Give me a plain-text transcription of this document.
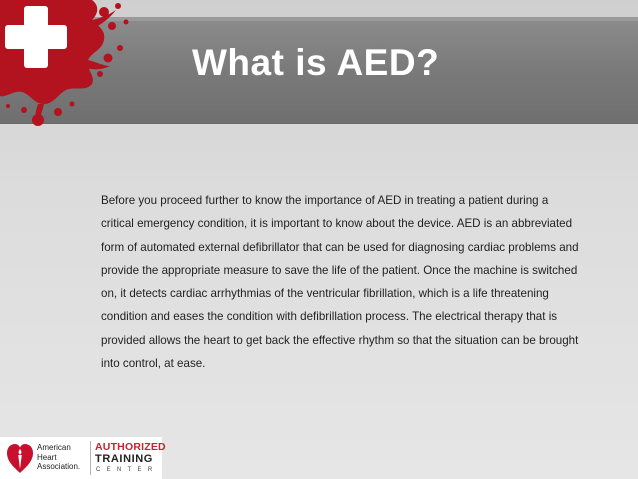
What is AED?

Before you proceed further to know the importance of AED in treating a patient during a critical emergency condition, it is important to know about the device. AED is an abbreviated form of automated external defibrillator that can be used for diagnosing cardiac problems and provide the appropriate measure to save the life of the patient. Once the machine is switched on, it detects cardiac arrhythmias of the ventricular fibrillation, which is a life threatening condition and eases the condition with defibrillation process. The electrical therapy that is provided allows the heart to get back the effective rhythm so that the situation can be brought into control, at ease.

American
Heart
Association.
AUTHORIZED
TRAINING
CENTER
